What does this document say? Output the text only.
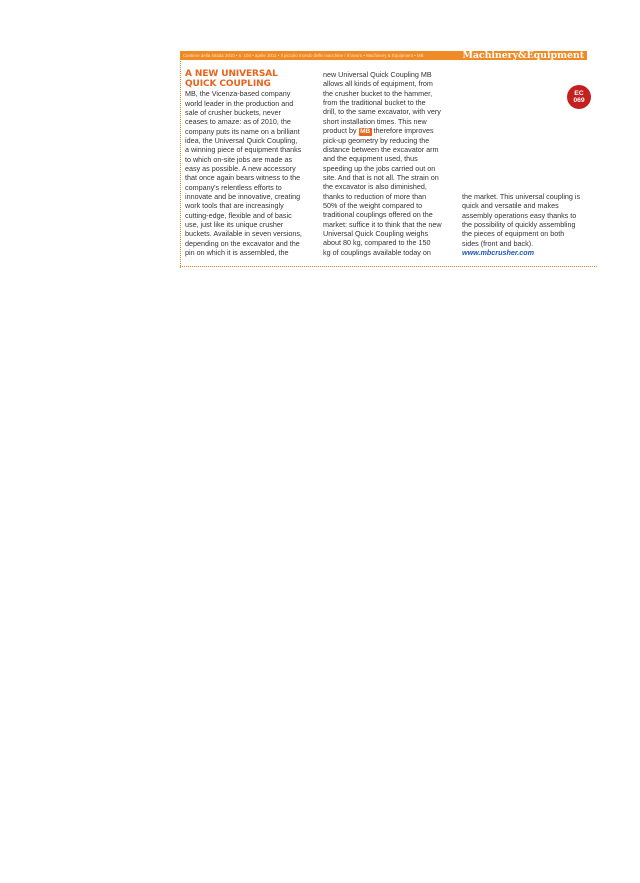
Cantiere della strada 2010 • n. 104 • aprile 2011 • Il piccolo mondo delle macchine / Il lavoro • Machinery & Equipment • MB	Machinery&Equipment
EC
069
A NEW UNIVERSAL
QUICK COUPLING
MB, the Vicenza-based company
world leader in the production and
sale of crusher buckets, never
ceases to amaze: as of 2010, the
company puts its name on a brilliant
idea, the Universal Quick Coupling,
a winning piece of equipment thanks
to which on-site jobs are made as
easy as possible. A new accessory
that once again bears witness to the
company's relentless efforts to
innovate and be innovative, creating
work tools that are increasingly
cutting-edge, flexible and of basic
use, just like its unique crusher
buckets. Available in seven versions,
depending on the excavator and the
pin on which it is assembled, the
new Universal Quick Coupling MB
allows all kinds of equipment, from
the crusher bucket to the hammer,
from the traditional bucket to the
drill, to the same excavator, with very
short installation times. This new
product by MB therefore improves
pick-up geometry by reducing the
distance between the excavator arm
and the equipment used, thus
speeding up the jobs carried out on
site. And that is not all. The strain on
the excavator is also diminished,
thanks to reduction of more than
50% of the weight compared to
traditional couplings offered on the
market: suffice it to think that the new
Universal Quick Coupling weighs
about 80 kg, compared to the 150
kg of couplings available today on
the market. This universal coupling is
quick and versatile and makes
assembly operations easy thanks to
the possibility of quickly assembling
the pieces of equipment on both
sides (front and back).
www.mbcrusher.com
